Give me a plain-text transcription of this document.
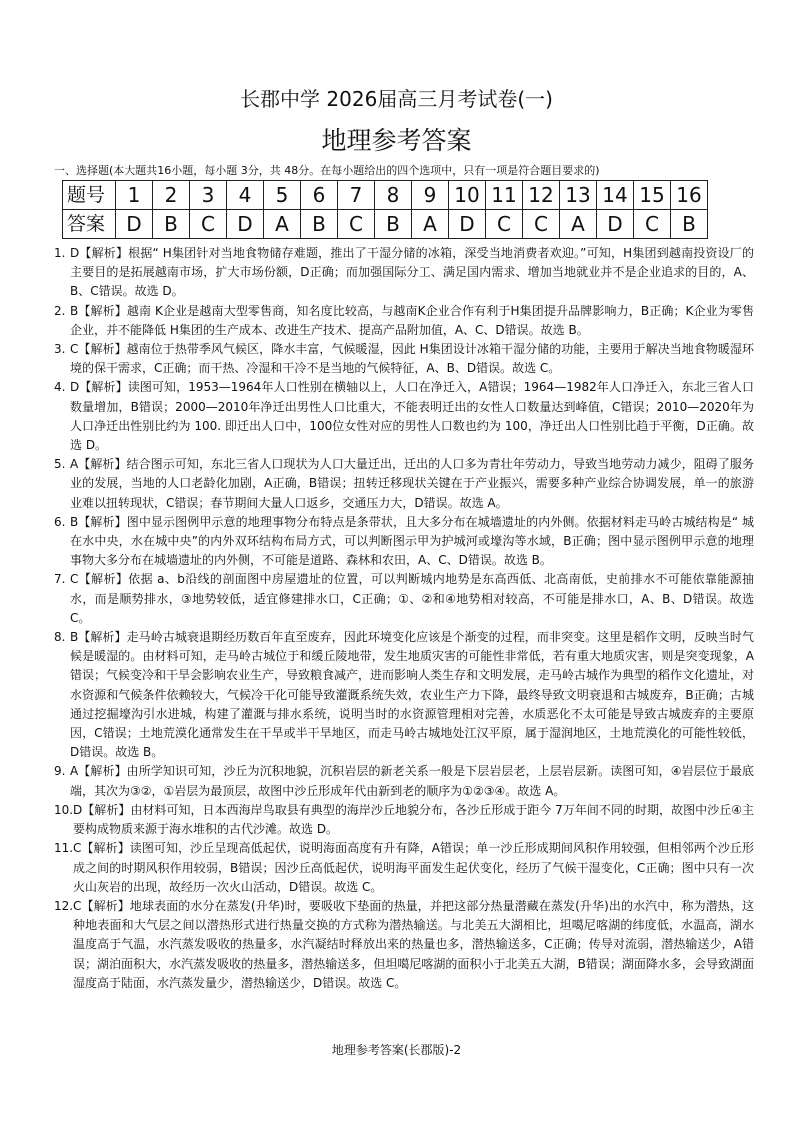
长郡中学 2026届高三月考试卷(一)
地理参考答案
一、选择题(本大题共16小题，每小题 3分，共 48分。在每小题给出的四个选项中，只有一项是符合题目要求的)
题号	1	2	3	4	5	6	7	8	9	10	11	12	13	14	15	16
答案	D	B	C	D	A	B	C	B	A	D	C	C	A	D	C	B
1. D【解析】根据“ H集团针对当地食物储存难题，推出了干湿分储的冰箱，深受当地消费者欢迎。”可知，H集团到越南投资设厂的主要目的是拓展越南市场，扩大市场份额，D正确；而加强国际分工、满足国内需求、增加当地就业并不是企业追求的目的，A、B、C错误。故选 D。
2. B【解析】越南 K企业是越南大型零售商，知名度比较高，与越南K企业合作有利于H集团提升品牌影响力，B正确；K企业为零售企业，并不能降低 H集团的生产成本、改进生产技术、提高产品附加值，A、C、D错误。故选 B。
3. C【解析】越南位于热带季风气候区，降水丰富，气候暖湿，因此 H集团设计冰箱干湿分储的功能，主要用于解决当地食物暖湿环境的保干需求，C正确；而干热、冷湿和干冷不是当地的气候特征，A、B、D错误。故选 C。
4. D【解析】读图可知，1953—1964年人口性别在横轴以上，人口在净迁入，A错误；1964—1982年人口净迁入，东北三省人口数量增加，B错误；2000—2010年净迁出男性人口比重大，不能表明迁出的女性人口数量达到峰值，C错误；2010—2020年为人口净迁出性别比约为 100. 即迁出人口中，100位女性对应的男性人口数也约为 100，净迁出人口性别比趋于平衡，D正确。故选 D。
5. A【解析】结合图示可知，东北三省人口现状为人口大量迁出，迁出的人口多为青壮年劳动力，导致当地劳动力减少，阻碍了服务业的发展，当地的人口老龄化加剧，A正确，B错误；扭转迁移现状关键在于产业振兴，需要多种产业综合协调发展，单一的旅游业难以扭转现状，C错误；春节期间大量人口返乡，交通压力大，D错误。故选 A。
6. B【解析】图中显示图例甲示意的地理事物分布特点是条带状，且大多分布在城墙遗址的内外侧。依据材料走马岭古城结构是“ 城在水中央，水在城中央”的内外双环结构布局方式，可以判断图示甲为护城河或壕沟等水域，B正确；图中显示图例甲示意的地理事物大多分布在城墙遗址的内外侧，不可能是道路、森林和农田，A、C、D错误。故选 B。
7. C【解析】依据 a、b沿线的剖面图中房屋遗址的位置，可以判断城内地势是东高西低、北高南低，史前排水不可能依靠能源抽水，而是顺势排水，③地势较低，适宜修建排水口，C正确；①、②和④地势相对较高，不可能是排水口，A、B、D错误。故选 C。
8. B【解析】走马岭古城衰退期经历数百年直至废弃，因此环境变化应该是个渐变的过程，而非突变。这里是稻作文明，反映当时气候是暖湿的。由材料可知，走马岭古城位于和缓丘陵地带，发生地质灾害的可能性非常低，若有重大地质灾害，则是突变现象，A错误；气候变冷和干旱会影响农业生产，导致粮食减产，进而影响人类生存和文明发展，走马岭古城作为典型的稻作文化遗址，对水资源和气候条件依赖较大，气候冷干化可能导致灌溉系统失效，农业生产力下降，最终导致文明衰退和古城废弃，B正确；古城通过挖掘壕沟引水进城，构建了灌溉与排水系统，说明当时的水资源管理相对完善，水质恶化不太可能是导致古城废弃的主要原因，C错误；土地荒漠化通常发生在干旱或半干旱地区，而走马岭古城地处江汉平原，属于湿润地区，土地荒漠化的可能性较低，D错误。故选 B。
9. A【解析】由所学知识可知，沙丘为沉积地貌，沉积岩层的新老关系一般是下层岩层老，上层岩层新。读图可知，④岩层位于最底端，其次为③②，①岩层为最顶层，故图中沙丘形成年代由新到老的顺序为①②③④。故选 A。
10. D【解析】由材料可知，日本西海岸鸟取县有典型的海岸沙丘地貌分布，各沙丘形成于距今 7万年间不同的时期，故图中沙丘④主要构成物质来源于海水堆积的古代沙滩。故选 D。
11. C【解析】读图可知，沙丘呈现高低起伏，说明海面高度有升有降，A错误；单一沙丘形成期间风积作用较强，但相邻两个沙丘形成之间的时期风积作用较弱，B错误；因沙丘高低起伏，说明海平面发生起伏变化，经历了气候干湿变化，C正确；图中只有一次火山灰岩的出现，故经历一次火山活动，D错误。故选 C。
12. C【解析】地球表面的水分在蒸发(升华)时，要吸收下垫面的热量，并把这部分热量潜藏在蒸发(升华)出的水汽中，称为潜热，这种地表面和大气层之间以潜热形式进行热量交换的方式称为潜热输送。与北美五大湖相比，坦噶尼喀湖的纬度低，水温高，湖水温度高于气温，水汽蒸发吸收的热量多，水汽凝结时释放出来的热量也多，潜热输送多，C正确；传导对流弱，潜热输送少，A错误；湖泊面积大，水汽蒸发吸收的热量多，潜热输送多，但坦噶尼喀湖的面积小于北美五大湖，B错误；湖面降水多，会导致湖面湿度高于陆面，水汽蒸发量少，潜热输送少，D错误。故选 C。
地理参考答案(长郡版)-2
